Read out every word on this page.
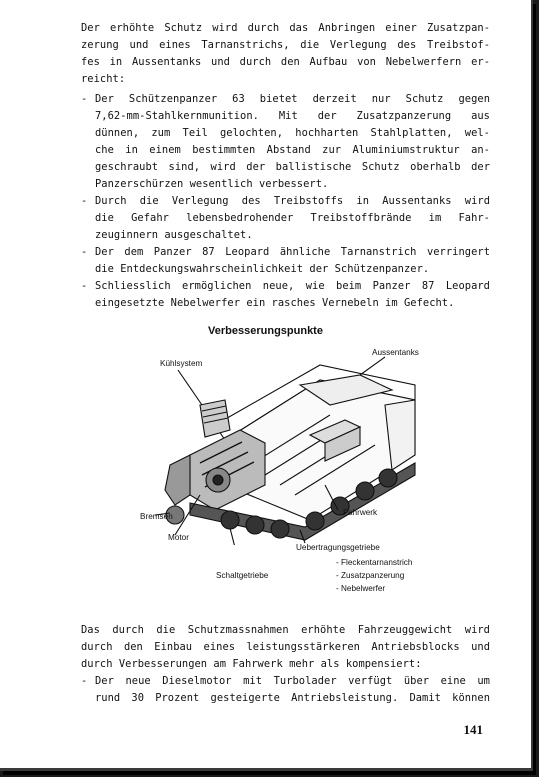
Der erhöhte Schutz wird durch das Anbringen einer Zusatzpan-
zerung und eines Tarnanstrichs, die Verlegung des Treibstof-
fes in Aussentanks und durch den Aufbau von Nebelwerfern er-
reicht:
- Der Schützenpanzer 63 bietet derzeit nur Schutz gegen
7,62-mm-Stahlkernmunition. Mit der Zusatzpanzerung aus
dünnen, zum Teil gelochten, hochharten Stahlplatten, wel-
che in einem bestimmten Abstand zur Aluminiumstruktur an-
geschraubt sind, wird der ballistische Schutz oberhalb der
Panzerschürzen wesentlich verbessert.
- Durch die Verlegung des Treibstoffs in Aussentanks wird
die Gefahr lebensbedrohender Treibstoffbrände im Fahr-
zeuginnern ausgeschaltet.
- Der dem Panzer 87 Leopard ähnliche Tarnanstrich verringert
die Entdeckungswahrscheinlichkeit der Schützenpanzer.
- Schliesslich ermöglichen neue, wie beim Panzer 87 Leopard
eingesetzte Nebelwerfer ein rasches Vernebeln im Gefecht.
Verbesserungspunkte
Kühlsystem
Aussentanks
Bremsen
Motor
Fahrwerk
Uebertragungsgetriebe
Schaltgetriebe
- Fleckentarnanstrich
- Zusatzpanzerung
- Nebelwerfer
Das durch die Schutzmassnahmen erhöhte Fahrzeuggewicht wird
durch den Einbau eines leistungsstärkeren Antriebsblocks und
durch Verbesserungen am Fahrwerk mehr als kompensiert:
- Der neue Dieselmotor mit Turbolader verfügt über eine um
rund 30 Prozent gesteigerte Antriebsleistung. Damit können
141
